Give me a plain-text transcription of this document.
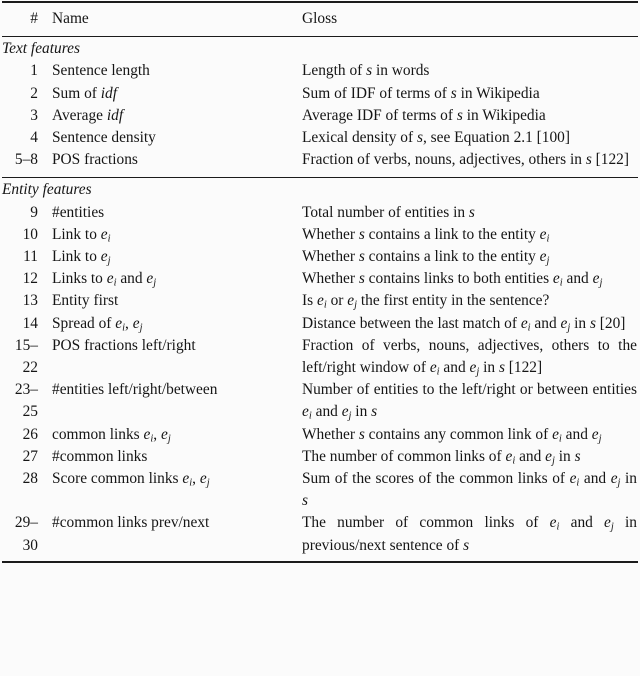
#	Name	Gloss
Text features		
1	Sentence length	Length of s in words
2	Sum of idf	Sum of IDF of terms of s in Wikipedia
3	Average idf	Average IDF of terms of s in Wikipedia
4	Sentence density	Lexical density of s, see Equation 2.1 [100]
5–8	POS fractions	Fraction of verbs, nouns, adjectives, others in s [122]
Entity features		
9	#entities	Total number of entities in s
10	Link to $e_i$	Whether s contains a link to the entity $e_i$
11	Link to $e_j$	Whether s contains a link to the entity $e_j$
12	Links to $e_i$ and $e_j$	Whether s contains links to both entities $e_i$ and $e_j$
13	Entity first	Is $e_i$ or $e_j$ the first entity in the sentence?
14	Spread of $e_i$, $e_j$	Distance between the last match of $e_i$ and $e_j$ in s [20]
15–22	POS fractions left/right	Fraction of verbs, nouns, adjectives, others to the left/right window of $e_i$ and $e_j$ in s [122]
23–25	#entities left/right/between	Number of entities to the left/right or between entities $e_i$ and $e_j$ in s
26	common links $e_i$, $e_j$	Whether s contains any common link of $e_i$ and $e_j$
27	#common links	The number of common links of $e_i$ and $e_j$ in s
28	Score common links $e_i$, $e_j$	Sum of the scores of the common links of $e_i$ and $e_j$ in s
29–30	#common links prev/next	The number of common links of $e_i$ and $e_j$ in previous/next sentence of s
